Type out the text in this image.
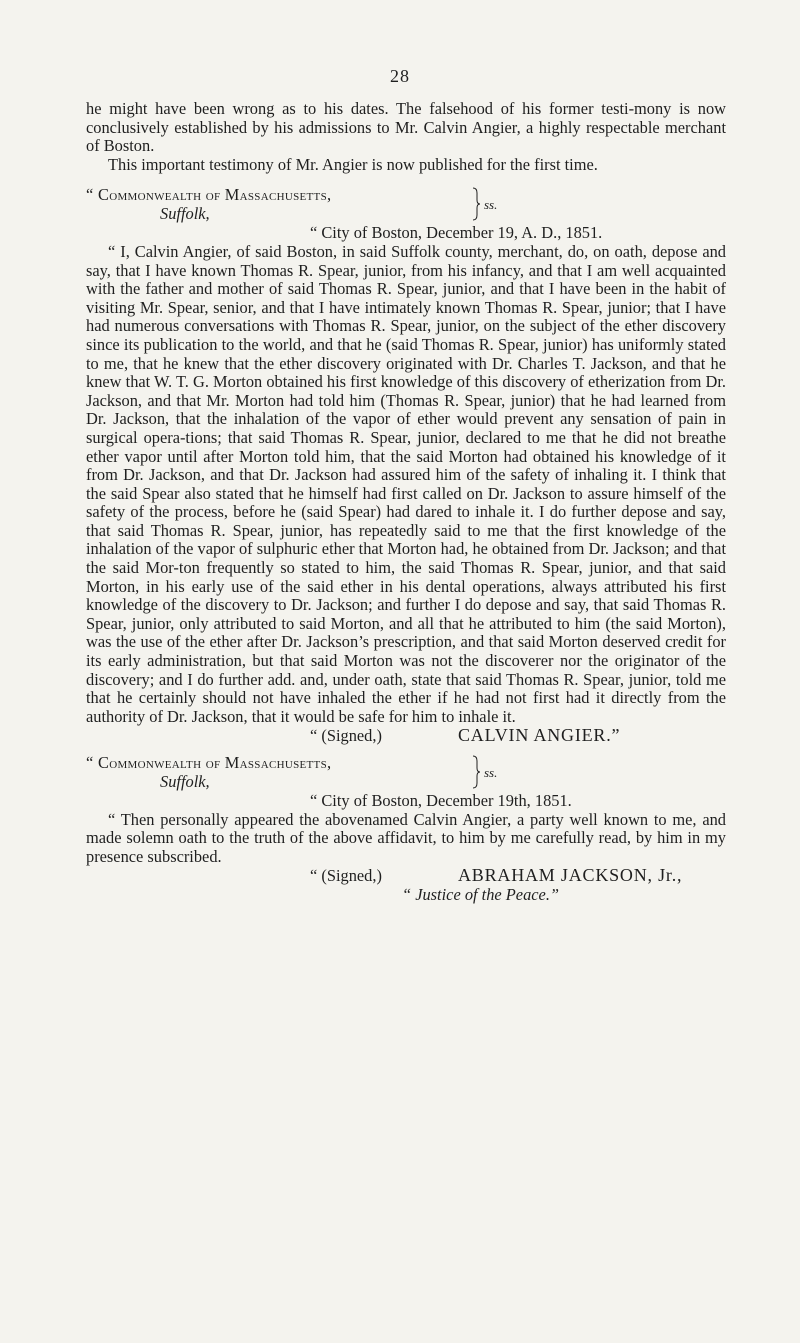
28

he might have been wrong as to his dates. The falsehood of his former testi-mony is now conclusively established by his admissions to Mr. Calvin Angier, a highly respectable merchant of Boston.

This important testimony of Mr. Angier is now published for the first time.

“ Commonwealth of Massachusetts,
Suffolk,	ss.

“ City of Boston, December 19, A. D., 1851.

“ I, Calvin Angier, of said Boston, in said Suffolk county, merchant, do, on oath, depose and say, that I have known Thomas R. Spear, junior, from his infancy, and that I am well acquainted with the father and mother of said Thomas R. Spear, junior, and that I have been in the habit of visiting Mr. Spear, senior, and that I have intimately known Thomas R. Spear, junior; that I have had numerous conversations with Thomas R. Spear, junior, on the subject of the ether discovery since its publication to the world, and that he (said Thomas R. Spear, junior) has uniformly stated to me, that he knew that the ether discovery originated with Dr. Charles T. Jackson, and that he knew that W. T. G. Morton obtained his first knowledge of this discovery of etherization from Dr. Jackson, and that Mr. Morton had told him (Thomas R. Spear, junior) that he had learned from Dr. Jackson, that the inhalation of the vapor of ether would prevent any sensation of pain in surgical opera-tions; that said Thomas R. Spear, junior, declared to me that he did not breathe ether vapor until after Morton told him, that the said Morton had obtained his knowledge of it from Dr. Jackson, and that Dr. Jackson had assured him of the safety of inhaling it. I think that the said Spear also stated that he himself had first called on Dr. Jackson to assure himself of the safety of the process, before he (said Spear) had dared to inhale it. I do further depose and say, that said Thomas R. Spear, junior, has repeatedly said to me that the first knowledge of the inhalation of the vapor of sulphuric ether that Morton had, he obtained from Dr. Jackson; and that the said Mor-ton frequently so stated to him, the said Thomas R. Spear, junior, and that said Morton, in his early use of the said ether in his dental operations, always attributed his first knowledge of the discovery to Dr. Jackson; and further I do depose and say, that said Thomas R. Spear, junior, only attributed to said Morton, and all that he attributed to him (the said Morton), was the use of the ether after Dr. Jackson’s prescription, and that said Morton deserved credit for its early administration, but that said Morton was not the discoverer nor the originator of the discovery; and I do further add. and, under oath, state that said Thomas R. Spear, junior, told me that he certainly should not have inhaled the ether if he had not first had it directly from the authority of Dr. Jackson, that it would be safe for him to inhale it.

“ (Signed,)	CALVIN ANGIER.”

“ Commonwealth of Massachusetts,
Suffolk,	ss.

“ City of Boston, December 19th, 1851.

“ Then personally appeared the abovenamed Calvin Angier, a party well known to me, and made solemn oath to the truth of the above affidavit, to him by me carefully read, by him in my presence subscribed.

“ (Signed,)	ABRAHAM JACKSON, Jr.,

“ Justice of the Peace.”
